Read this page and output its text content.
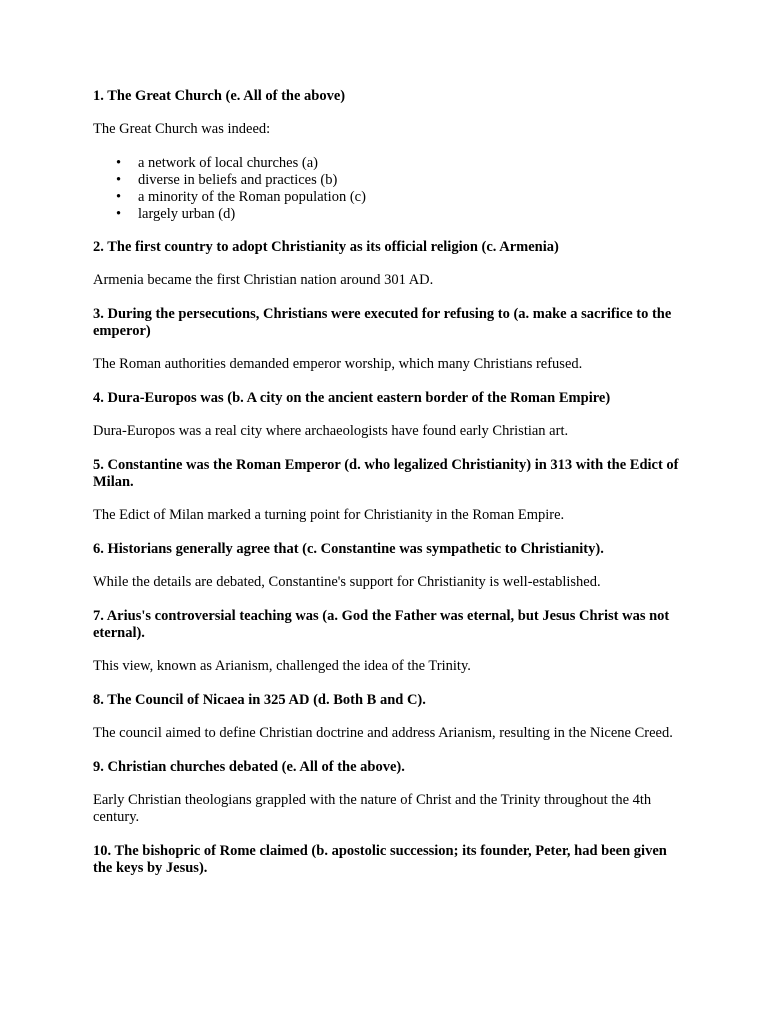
1. The Great Church (e. All of the above)
The Great Church was indeed:
• a network of local churches (a)
• diverse in beliefs and practices (b)
• a minority of the Roman population (c)
• largely urban (d)
2. The first country to adopt Christianity as its official religion (c. Armenia)
Armenia became the first Christian nation around 301 AD.
3. During the persecutions, Christians were executed for refusing to (a. make a sacrifice to the emperor)
The Roman authorities demanded emperor worship, which many Christians refused.
4. Dura-Europos was (b. A city on the ancient eastern border of the Roman Empire)
Dura-Europos was a real city where archaeologists have found early Christian art.
5. Constantine was the Roman Emperor (d. who legalized Christianity) in 313 with the Edict of Milan.
The Edict of Milan marked a turning point for Christianity in the Roman Empire.
6. Historians generally agree that (c. Constantine was sympathetic to Christianity).
While the details are debated, Constantine's support for Christianity is well-established.
7. Arius's controversial teaching was (a. God the Father was eternal, but Jesus Christ was not eternal).
This view, known as Arianism, challenged the idea of the Trinity.
8. The Council of Nicaea in 325 AD (d. Both B and C).
The council aimed to define Christian doctrine and address Arianism, resulting in the Nicene Creed.
9. Christian churches debated (e. All of the above).
Early Christian theologians grappled with the nature of Christ and the Trinity throughout the 4th century.
10. The bishopric of Rome claimed (b. apostolic succession; its founder, Peter, had been given the keys by Jesus).
